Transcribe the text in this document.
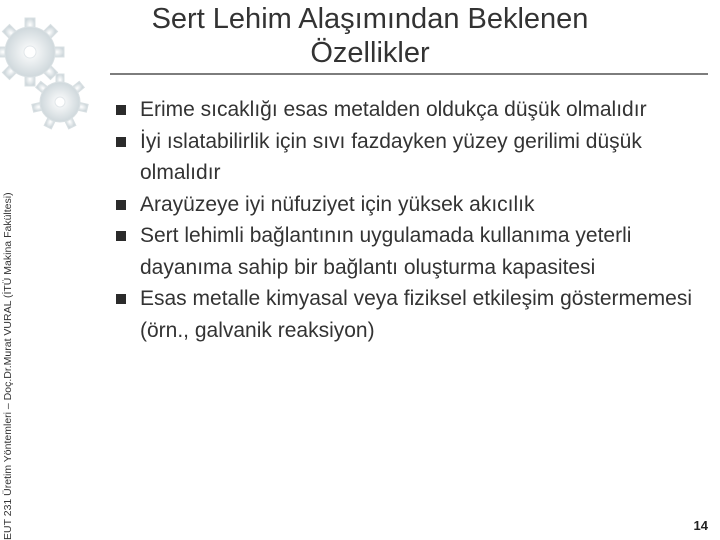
EUT 231 Üretim Yöntemleri – Doç.Dr.Murat VURAL (İTÜ Makina Fakültesi)
Sert Lehim Alaşımından Beklenen Özellikler
Erime sıcaklığı esas metalden oldukça düşük olmalıdır
İyi ıslatabilirlik için sıvı fazdayken yüzey gerilimi düşük olmalıdır
Arayüzeye iyi nüfuziyet için yüksek akıcılık
Sert lehimli bağlantının uygulamada kullanıma yeterli dayanıma sahip bir bağlantı oluşturma kapasitesi
Esas metalle kimyasal veya fiziksel etkileşim göstermemesi (örn., galvanik reaksiyon)
14
